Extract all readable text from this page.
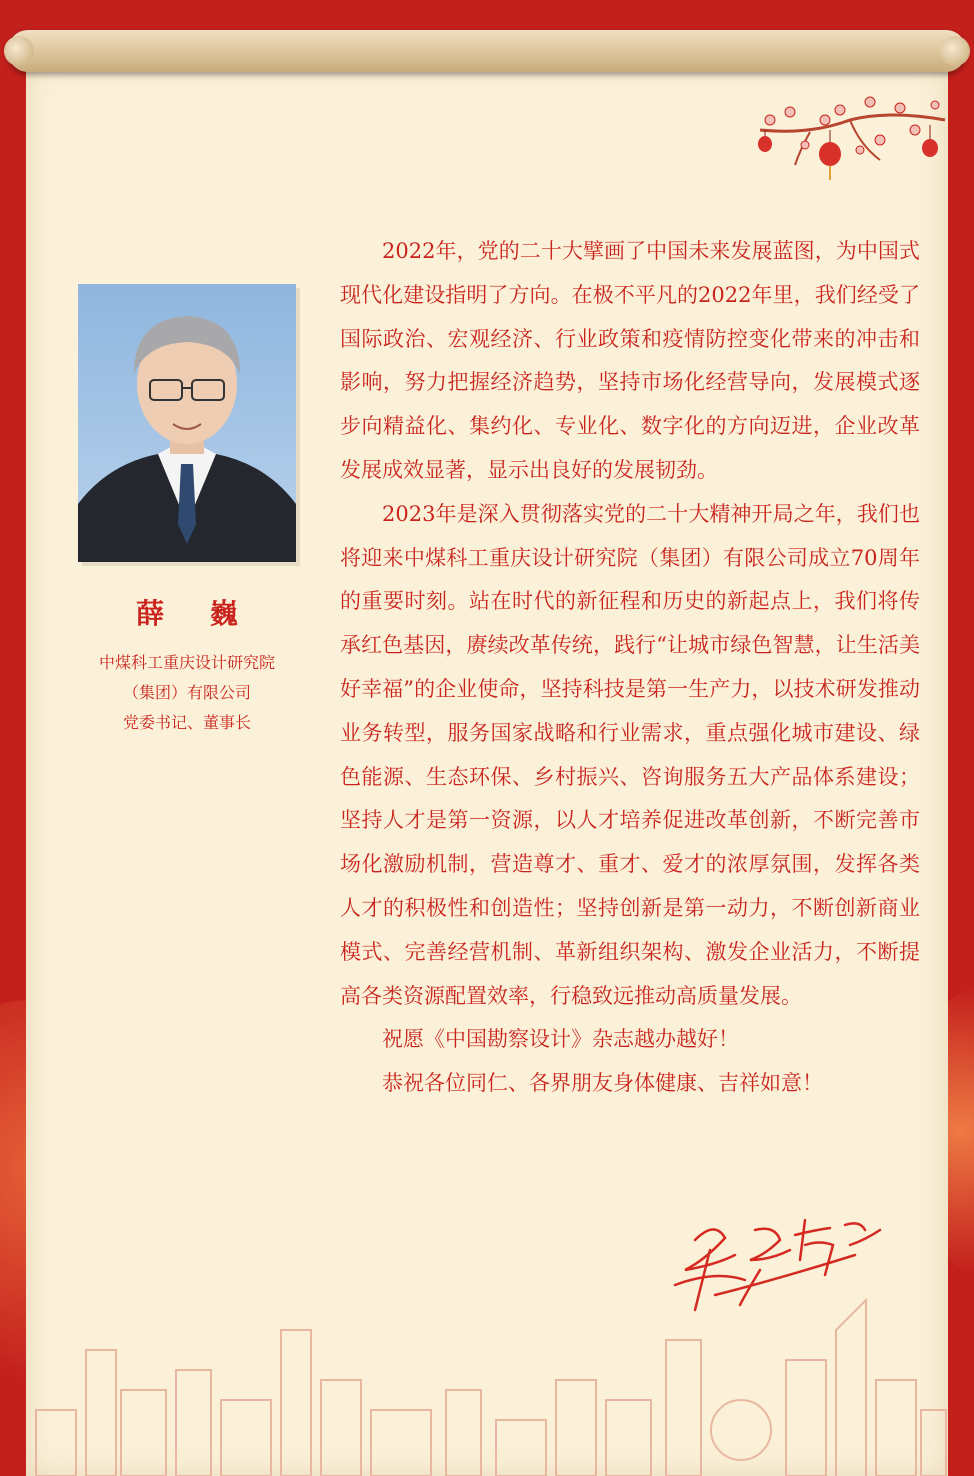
薛 巍
中煤科工重庆设计研究院
（集团）有限公司
党委书记、董事长

2022年，党的二十大擘画了中国未来发展蓝图，为中国式现代化建设指明了方向。在极不平凡的2022年里，我们经受了国际政治、宏观经济、行业政策和疫情防控变化带来的冲击和影响，努力把握经济趋势，坚持市场化经营导向，发展模式逐步向精益化、集约化、专业化、数字化的方向迈进，企业改革发展成效显著，显示出良好的发展韧劲。

2023年是深入贯彻落实党的二十大精神开局之年，我们也将迎来中煤科工重庆设计研究院（集团）有限公司成立70周年的重要时刻。站在时代的新征程和历史的新起点上，我们将传承红色基因，赓续改革传统，践行“让城市绿色智慧，让生活美好幸福”的企业使命，坚持科技是第一生产力，以技术研发推动业务转型，服务国家战略和行业需求，重点强化城市建设、绿色能源、生态环保、乡村振兴、咨询服务五大产品体系建设；坚持人才是第一资源，以人才培养促进改革创新，不断完善市场化激励机制，营造尊才、重才、爱才的浓厚氛围，发挥各类人才的积极性和创造性；坚持创新是第一动力，不断创新商业模式、完善经营机制、革新组织架构、激发企业活力，不断提高各类资源配置效率，行稳致远推动高质量发展。

祝愿《中国勘察设计》杂志越办越好！

恭祝各位同仁、各界朋友身体健康、吉祥如意！
